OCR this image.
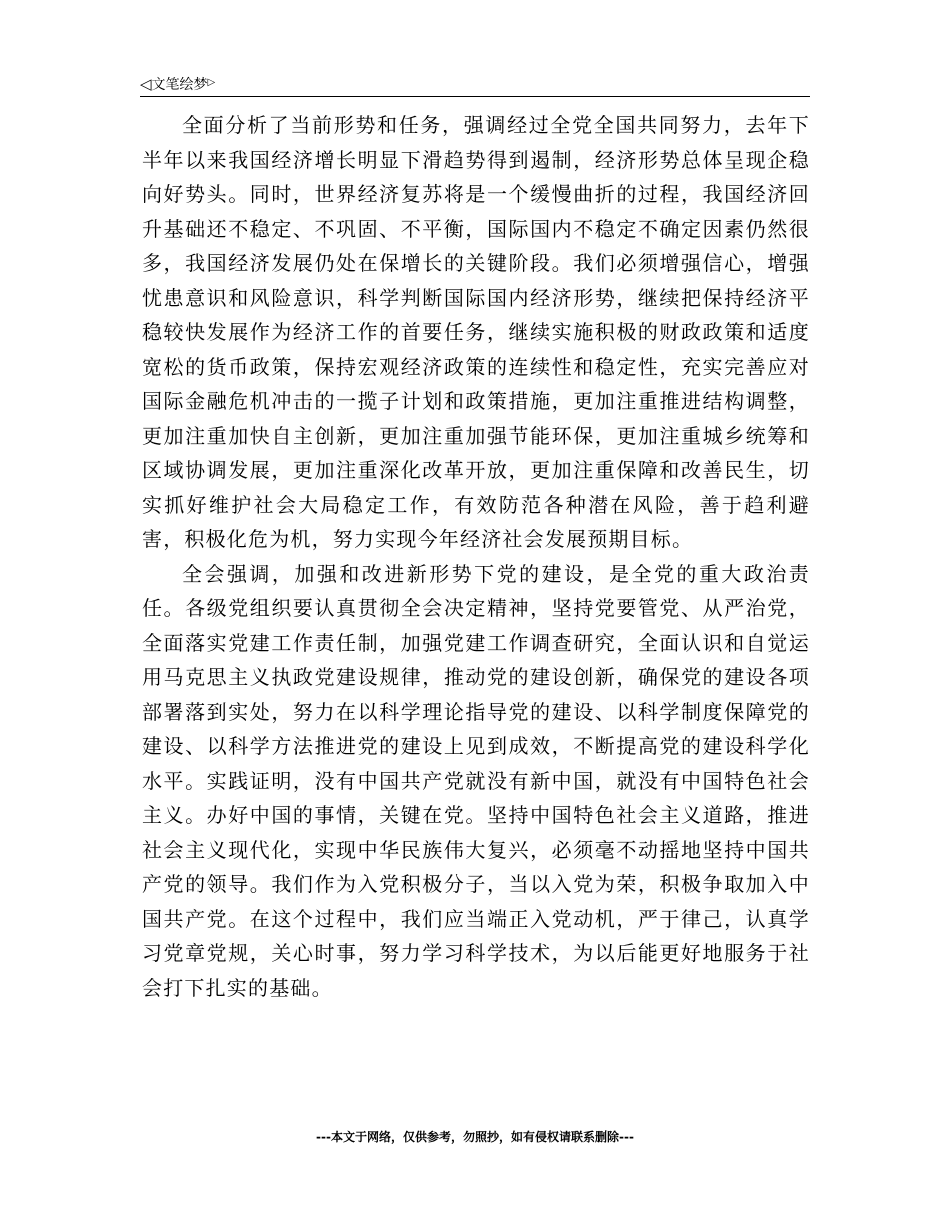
◁文笔绘梦▷

全面分析了当前形势和任务，强调经过全党全国共同努力，去年下半年以来我国经济增长明显下滑趋势得到遏制，经济形势总体呈现企稳向好势头。同时，世界经济复苏将是一个缓慢曲折的过程，我国经济回升基础还不稳定、不巩固、不平衡，国际国内不稳定不确定因素仍然很多，我国经济发展仍处在保增长的关键阶段。我们必须增强信心，增强忧患意识和风险意识，科学判断国际国内经济形势，继续把保持经济平稳较快发展作为经济工作的首要任务，继续实施积极的财政政策和适度宽松的货币政策，保持宏观经济政策的连续性和稳定性，充实完善应对国际金融危机冲击的一揽子计划和政策措施，更加注重推进结构调整，更加注重加快自主创新，更加注重加强节能环保，更加注重城乡统筹和区域协调发展，更加注重深化改革开放，更加注重保障和改善民生，切实抓好维护社会大局稳定工作，有效防范各种潜在风险，善于趋利避害，积极化危为机，努力实现今年经济社会发展预期目标。

全会强调，加强和改进新形势下党的建设，是全党的重大政治责任。各级党组织要认真贯彻全会决定精神，坚持党要管党、从严治党，全面落实党建工作责任制，加强党建工作调查研究，全面认识和自觉运用马克思主义执政党建设规律，推动党的建设创新，确保党的建设各项部署落到实处，努力在以科学理论指导党的建设、以科学制度保障党的建设、以科学方法推进党的建设上见到成效，不断提高党的建设科学化水平。实践证明，没有中国共产党就没有新中国，就没有中国特色社会主义。办好中国的事情，关键在党。坚持中国特色社会主义道路，推进社会主义现代化，实现中华民族伟大复兴，必须毫不动摇地坚持中国共产党的领导。我们作为入党积极分子，当以入党为荣，积极争取加入中国共产党。在这个过程中，我们应当端正入党动机，严于律己，认真学习党章党规，关心时事，努力学习科学技术，为以后能更好地服务于社会打下扎实的基础。

---本文于网络，仅供参考，勿照抄，如有侵权请联系删除---
